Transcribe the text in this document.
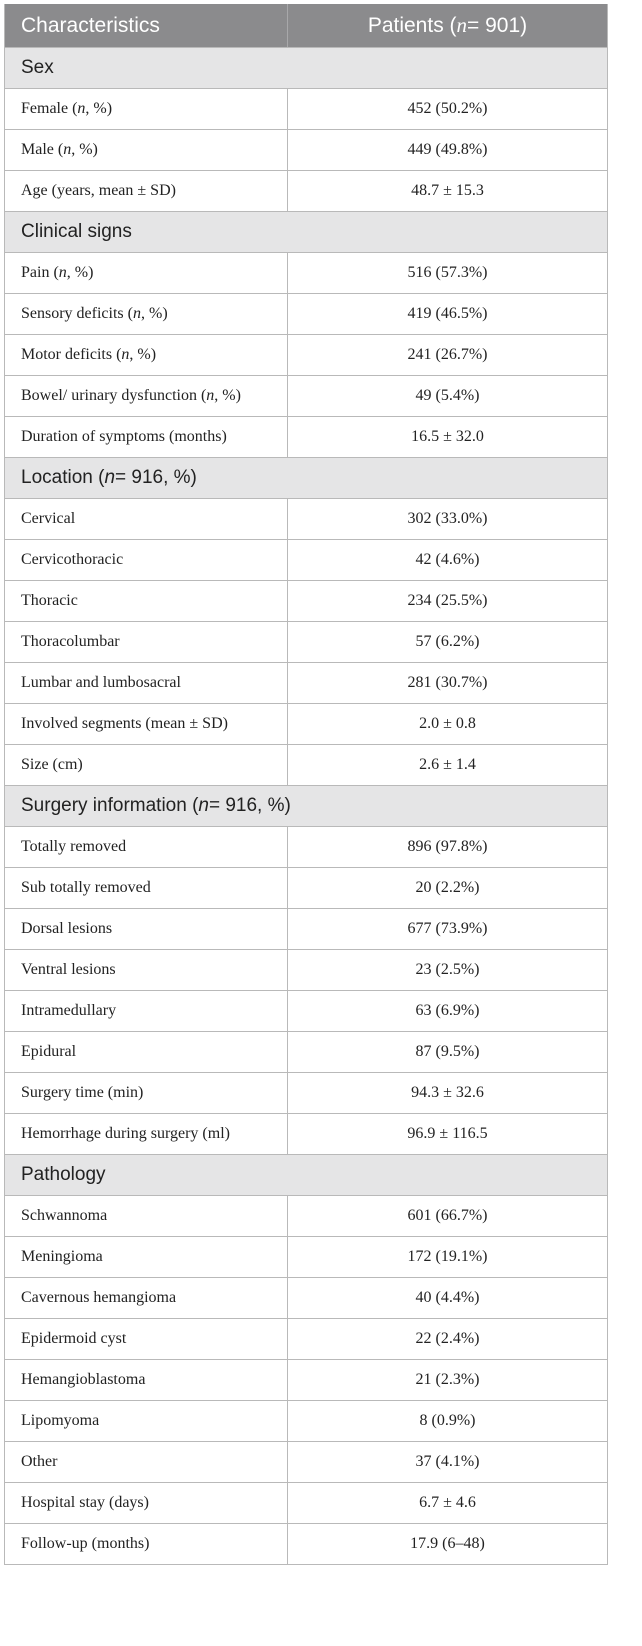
Characteristics	Patients ( n = 901)
Sex
Female ( n , %)	452 (50.2%)
Male ( n , %)	449 (49.8%)
Age (years, mean ± SD)	48.7 ± 15.3
Clinical signs
Pain ( n , %)	516 (57.3%)
Sensory deficits ( n , %)	419 (46.5%)
Motor deficits ( n , %)	241 (26.7%)
Bowel/ urinary dysfunction ( n , %)	49 (5.4%)
Duration of symptoms (months)	16.5 ± 32.0
Location ( n = 916, %)
Cervical	302 (33.0%)
Cervicothoracic	42 (4.6%)
Thoracic	234 (25.5%)
Thoracolumbar	57 (6.2%)
Lumbar and lumbosacral	281 (30.7%)
Involved segments (mean ± SD)	2.0 ± 0.8
Size (cm)	2.6 ± 1.4
Surgery information ( n = 916, %)
Totally removed	896 (97.8%)
Sub totally removed	20 (2.2%)
Dorsal lesions	677 (73.9%)
Ventral lesions	23 (2.5%)
Intramedullary	63 (6.9%)
Epidural	87 (9.5%)
Surgery time (min)	94.3 ± 32.6
Hemorrhage during surgery (ml)	96.9 ± 116.5
Pathology
Schwannoma	601 (66.7%)
Meningioma	172 (19.1%)
Cavernous hemangioma	40 (4.4%)
Epidermoid cyst	22 (2.4%)
Hemangioblastoma	21 (2.3%)
Lipomyoma	8 (0.9%)
Other	37 (4.1%)
Hospital stay (days)	6.7 ± 4.6
Follow-up (months)	17.9 (6–48)
